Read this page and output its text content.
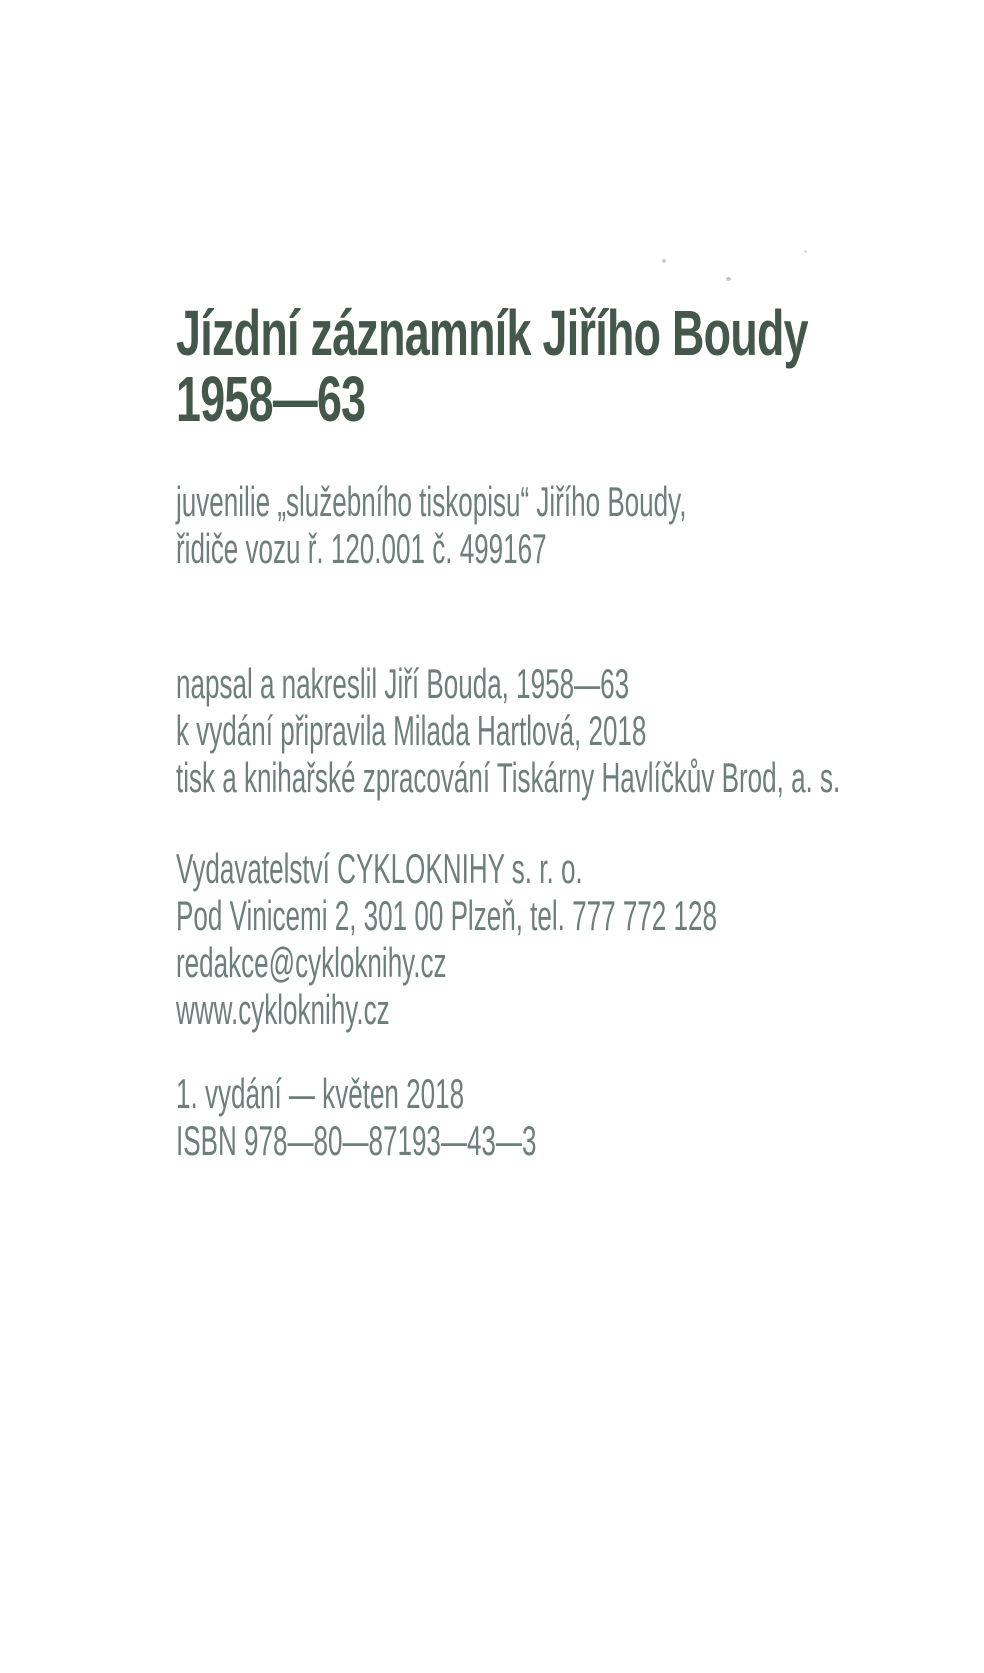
Jízdní záznamník Jiřího Boudy
1958—63
juvenilie „služebního tiskopisu“ Jiřího Boudy,
řidiče vozu ř. 120.001 č. 499167
napsal a nakreslil Jiří Bouda, 1958—63
k vydání připravila Milada Hartlová, 2018
tisk a knihařské zpracování Tiskárny Havlíčkův Brod, a. s.
Vydavatelství CYKLOKNIHY s. r. o.
Pod Vinicemi 2, 301 00 Plzeň, tel. 777 772 128
redakce@cykloknihy.cz
www.cykloknihy.cz
1. vydání — květen 2018
ISBN 978—80—87193—43—3
